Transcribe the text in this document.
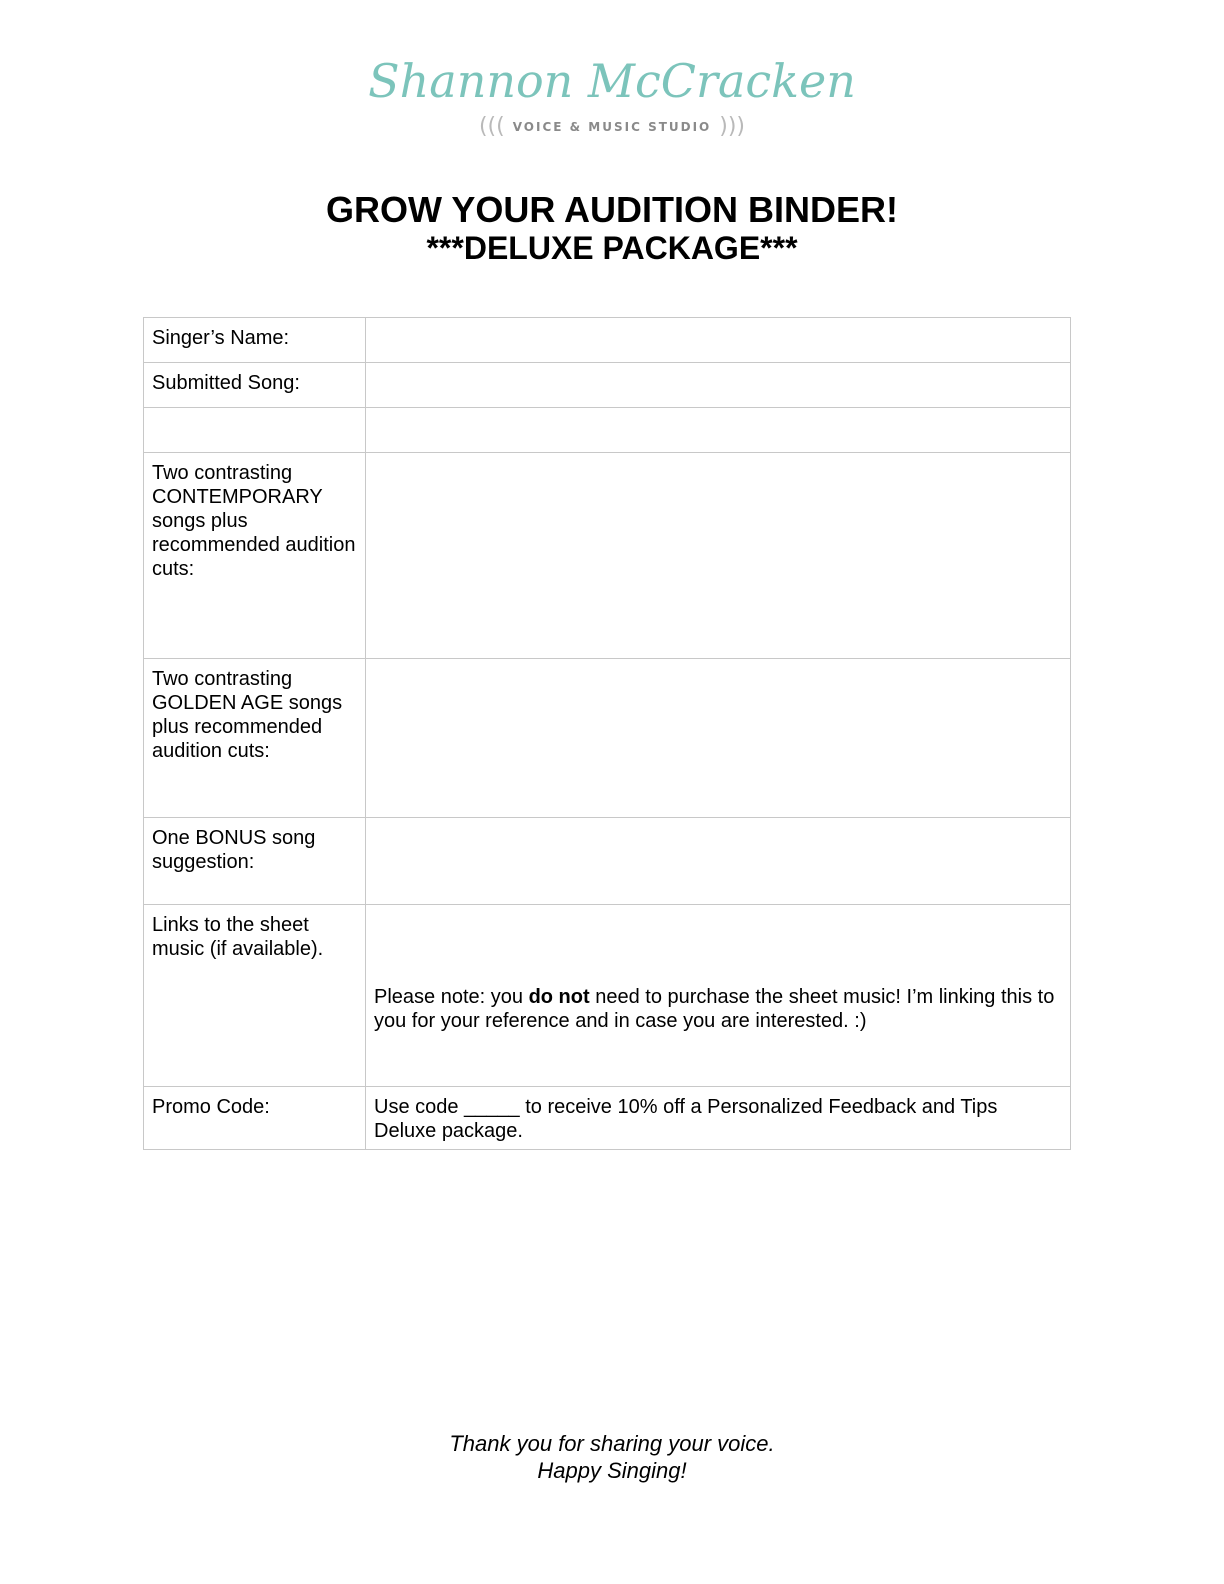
Shannon McCracken
((( VOICE & MUSIC STUDIO )))
GROW YOUR AUDITION BINDER!
***DELUXE PACKAGE***
Singer’s Name:	
Submitted Song:	

Two contrasting CONTEMPORARY songs plus recommended audition cuts:	
Two contrasting GOLDEN AGE songs plus recommended audition cuts:	
One BONUS song suggestion:	
Links to the sheet music (if available).	Please note: you do not need to purchase the sheet music! I’m linking this to you for your reference and in case you are interested. :)

Promo Code:	Use code _____ to receive 10% off a Personalized Feedback and Tips Deluxe package.
Thank you for sharing your voice.
Happy Singing!
